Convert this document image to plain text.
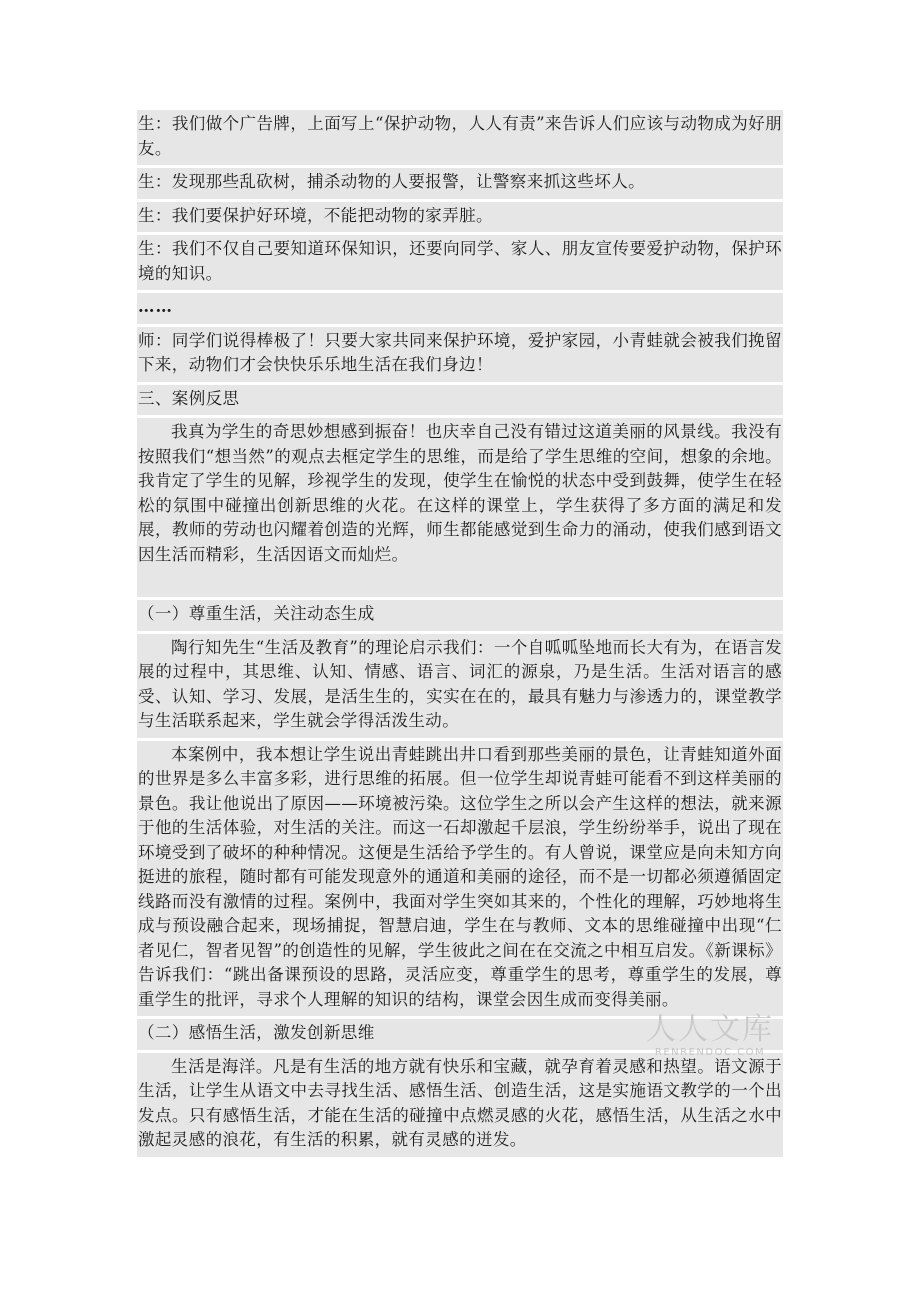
生：我们做个广告牌，上面写上“保护动物，人人有责”来告诉人们应该与动物成为好朋友。
生：发现那些乱砍树，捕杀动物的人要报警，让警察来抓这些坏人。
生：我们要保护好环境，不能把动物的家弄脏。
生：我们不仅自己要知道环保知识，还要向同学、家人、朋友宣传要爱护动物，保护环境的知识。
……
师：同学们说得棒极了！只要大家共同来保护环境，爱护家园，小青蛙就会被我们挽留下来，动物们才会快快乐乐地生活在我们身边！
三、案例反思
我真为学生的奇思妙想感到振奋！也庆幸自己没有错过这道美丽的风景线。我没有按照我们“想当然”的观点去框定学生的思维，而是给了学生思维的空间，想象的余地。我肯定了学生的见解，珍视学生的发现，使学生在愉悦的状态中受到鼓舞，使学生在轻松的氛围中碰撞出创新思维的火花。在这样的课堂上，学生获得了多方面的满足和发展，教师的劳动也闪耀着创造的光辉，师生都能感觉到生命力的涌动，使我们感到语文因生活而精彩，生活因语文而灿烂。
（一）尊重生活，关注动态生成
陶行知先生“生活及教育”的理论启示我们：一个自呱呱坠地而长大有为，在语言发展的过程中，其思维、认知、情感、语言、词汇的源泉，乃是生活。生活对语言的感受、认知、学习、发展，是活生生的，实实在在的，最具有魅力与渗透力的，课堂教学与生活联系起来，学生就会学得活泼生动。
本案例中，我本想让学生说出青蛙跳出井口看到那些美丽的景色，让青蛙知道外面的世界是多么丰富多彩，进行思维的拓展。但一位学生却说青蛙可能看不到这样美丽的景色。我让他说出了原因——环境被污染。这位学生之所以会产生这样的想法，就来源于他的生活体验，对生活的关注。而这一石却激起千层浪，学生纷纷举手，说出了现在环境受到了破坏的种种情况。这便是生活给予学生的。有人曾说，课堂应是向未知方向挺进的旅程，随时都有可能发现意外的通道和美丽的途径，而不是一切都必须遵循固定线路而没有激情的过程。案例中，我面对学生突如其来的，个性化的理解，巧妙地将生成与预设融合起来，现场捕捉，智慧启迪，学生在与教师、文本的思维碰撞中出现“仁者见仁，智者见智”的创造性的见解，学生彼此之间在在交流之中相互启发。《新课标》告诉我们：“跳出备课预设的思路，灵活应变，尊重学生的思考，尊重学生的发展，尊重学生的批评，寻求个人理解的知识的结构，课堂会因生成而变得美丽。
（二）感悟生活，激发创新思维
生活是海洋。凡是有生活的地方就有快乐和宝藏，就孕育着灵感和热望。语文源于生活，让学生从语文中去寻找生活、感悟生活、创造生活，这是实施语文教学的一个出发点。只有感悟生活，才能在生活的碰撞中点燃灵感的火花，感悟生活，从生活之水中激起灵感的浪花，有生活的积累，就有灵感的迸发。
人人文库
RENRENDOC.COM
